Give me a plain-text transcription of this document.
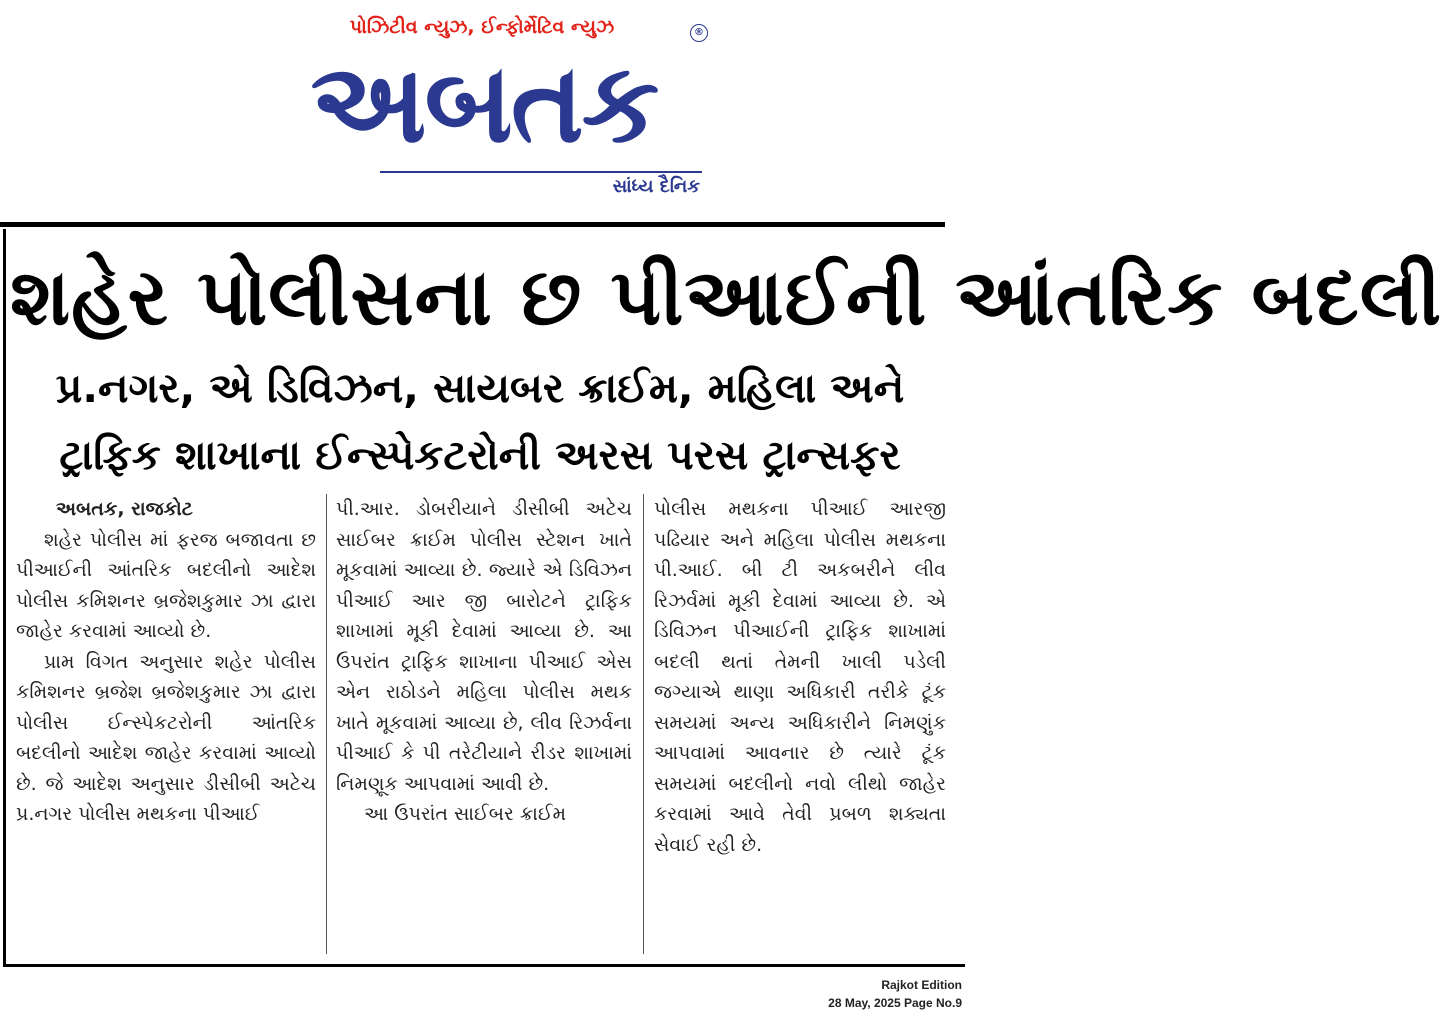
પોઝિટીવ ન્યુઝ, ઈન્ફોર્મેટિવ ન્યુઝ	®
અબતક
સાંધ્ય દૈનિક
શહેર પોલીસના છ પીઆઈની આંતરિક બદલી
પ્ર.નગર, એ ડિવિઝન, સાયબર ક્રાઈમ, મહિલા અને
ટ્રાફિક શાખાના ઈન્સ્પેકટરોની અરસ પરસ ટ્રાન્સફર
અબતક, રાજકોટ
શહેર પોલીસ માં ફરજ બજાવતા છ પીઆઈની આંતરિક બદલીનો આદેશ પોલીસ કમિશનર બ્રજેશકુમાર ઝા દ્વારા જાહેર કરવામાં આવ્યો છે.
પ્રામ વિગત અનુસાર શહેર પોલીસ કમિશનર બ્રજેશ બ્રજેશકુમાર ઝા દ્વારા પોલીસ ઈન્સ્પેકટરોની આંતરિક બદલીનો આદેશ જાહેર કરવામાં આવ્યો છે. જે આદેશ અનુસાર ડીસીબી અટેચ પ્ર.નગર પોલીસ મથકના પીઆઈ
પી.આર. ડોબરીયાને ડીસીબી અટેચ સાઈબર ક્રાઈમ પોલીસ સ્ટેશન ખાતે મૂકવામાં આવ્યા છે. જ્યારે એ ડિવિઝન પીઆઈ આર જી બારોટને ટ્રાફિક શાખામાં મૂકી દેવામાં આવ્યા છે. આ ઉપરાંત ટ્રાફિક શાખાના પીઆઈ એસ એન રાઠોડને મહિલા પોલીસ મથક ખાતે મૂકવામાં આવ્યા છે, લીવ રિઝર્વના પીઆઈ કે પી તરેટીયાને રીડર શાખામાં નિમણૂક આપવામાં આવી છે.
આ ઉપરાંત સાઈબર ક્રાઈમ
પોલીસ મથકના પીઆઈ આરજી પઢિયાર અને મહિલા પોલીસ મથકના પી.આઈ. બી ટી અકબરીને લીવ રિઝર્વમાં મૂકી દેવામાં આવ્યા છે. એ ડિવિઝન પીઆઈની ટ્રાફિક શાખામાં બદલી થતાં તેમની ખાલી પડેલી જગ્યાએ થાણા અધિકારી તરીકે ટૂંક સમયમાં અન્ય અધિકારીને નિમણુંક આપવામાં આવનાર છે ત્યારે ટૂંક સમયમાં બદલીનો નવો લીથો જાહેર કરવામાં આવે તેવી પ્રબળ શક્યતા સેવાઈ રહી છે.
Rajkot Edition
28 May, 2025 Page No.9
